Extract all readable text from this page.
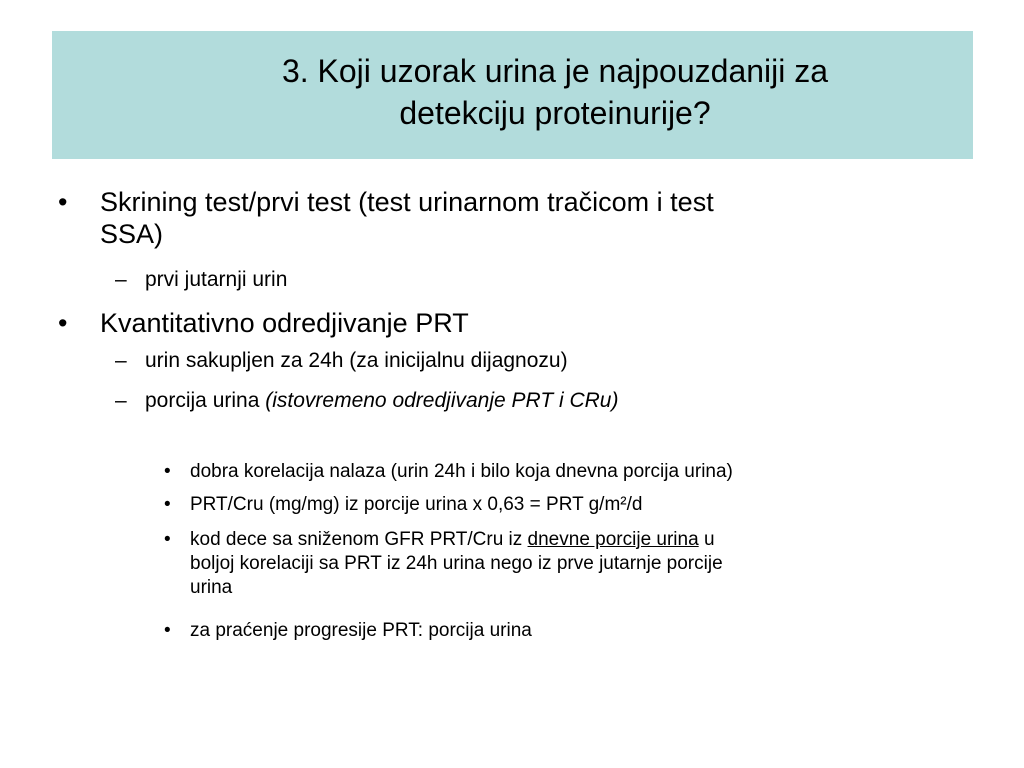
3. Koji uzorak urina je najpouzdaniji za
detekciju proteinurije?
• Skrining test/prvi test (test urinarnom tračicom i test
SSA)
– prvi jutarnji urin
• Kvantitativno odredjivanje PRT
– urin sakupljen za 24h (za inicijalnu dijagnozu)
– porcija urina (istovremeno odredjivanje PRT i CRu)
• dobra korelacija nalaza (urin 24h i bilo koja dnevna porcija urina)
• PRT/Cru (mg/mg) iz porcije urina x 0,63 = PRT g/m²/d
• kod dece sa sniženom GFR PRT/Cru iz dnevne porcije urina u
boljoj korelaciji sa PRT iz 24h urina nego iz prve jutarnje porcije
urina
• za praćenje progresije PRT: porcija urina
